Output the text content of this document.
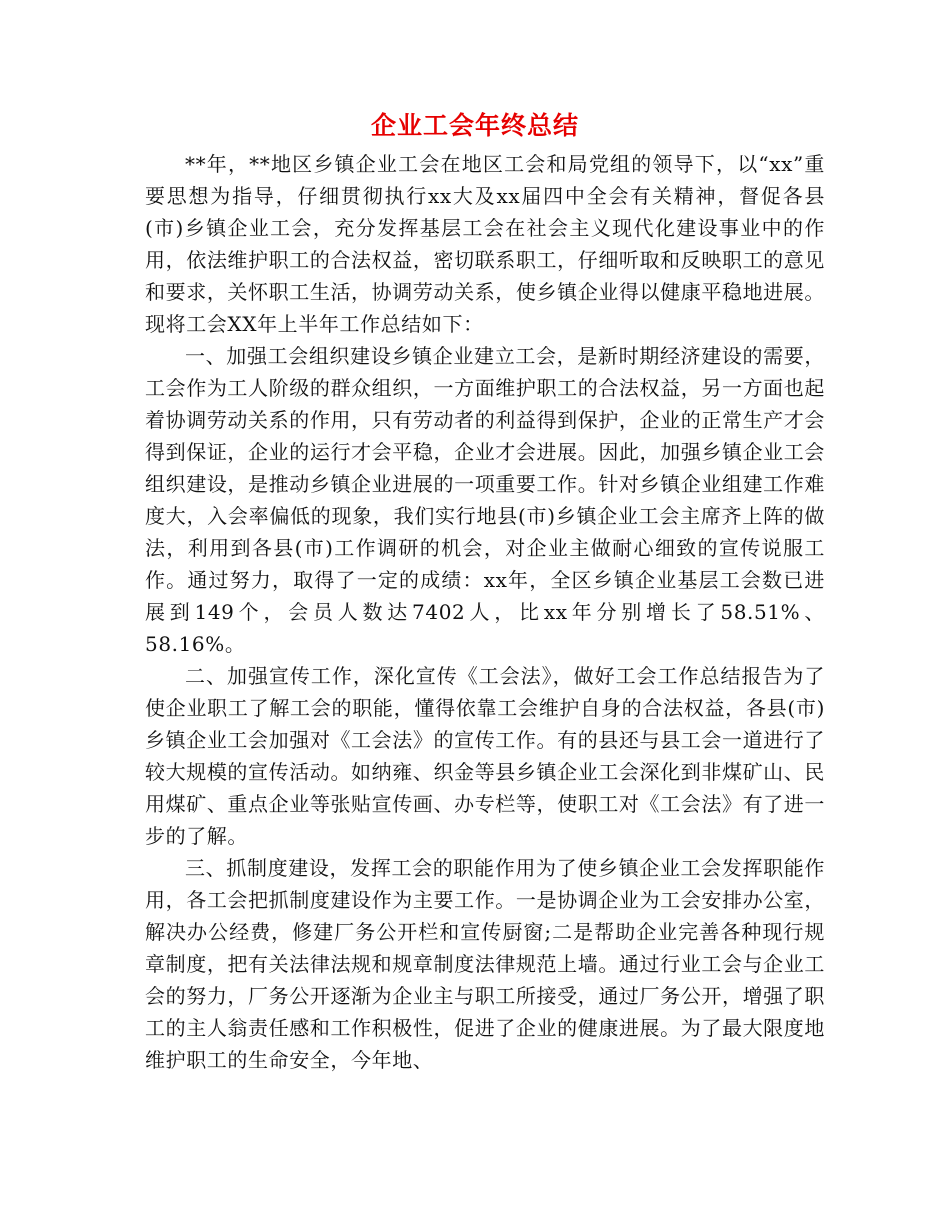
企业工会年终总结

**年，**地区乡镇企业工会在地区工会和局党组的领导下，以“xx”重要思想为指导，仔细贯彻执行xx大及xx届四中全会有关精神，督促各县(市)乡镇企业工会，充分发挥基层工会在社会主义现代化建设事业中的作用，依法维护职工的合法权益，密切联系职工，仔细听取和反映职工的意见和要求，关怀职工生活，协调劳动关系，使乡镇企业得以健康平稳地进展。现将工会XX年上半年工作总结如下：

一、加强工会组织建设乡镇企业建立工会，是新时期经济建设的需要，工会作为工人阶级的群众组织，一方面维护职工的合法权益，另一方面也起着协调劳动关系的作用，只有劳动者的利益得到保护，企业的正常生产才会得到保证，企业的运行才会平稳，企业才会进展。因此，加强乡镇企业工会组织建设，是推动乡镇企业进展的一项重要工作。针对乡镇企业组建工作难度大，入会率偏低的现象，我们实行地县(市)乡镇企业工会主席齐上阵的做法，利用到各县(市)工作调研的机会，对企业主做耐心细致的宣传说服工作。通过努力，取得了一定的成绩：xx年，全区乡镇企业基层工会数已进展到149个，会员人数达7402人，比xx年分别增长了58.51%、58.16%。

二、加强宣传工作，深化宣传《工会法》，做好工会工作总结报告为了使企业职工了解工会的职能，懂得依靠工会维护自身的合法权益，各县(市)乡镇企业工会加强对《工会法》的宣传工作。有的县还与县工会一道进行了较大规模的宣传活动。如纳雍、织金等县乡镇企业工会深化到非煤矿山、民用煤矿、重点企业等张贴宣传画、办专栏等，使职工对《工会法》有了进一步的了解。

三、抓制度建设，发挥工会的职能作用为了使乡镇企业工会发挥职能作用，各工会把抓制度建设作为主要工作。一是协调企业为工会安排办公室，解决办公经费，修建厂务公开栏和宣传厨窗;二是帮助企业完善各种现行规章制度，把有关法律法规和规章制度法律规范上墙。通过行业工会与企业工会的努力，厂务公开逐渐为企业主与职工所接受，通过厂务公开，增强了职工的主人翁责任感和工作积极性，促进了企业的健康进展。为了最大限度地维护职工的生命安全，今年地、
